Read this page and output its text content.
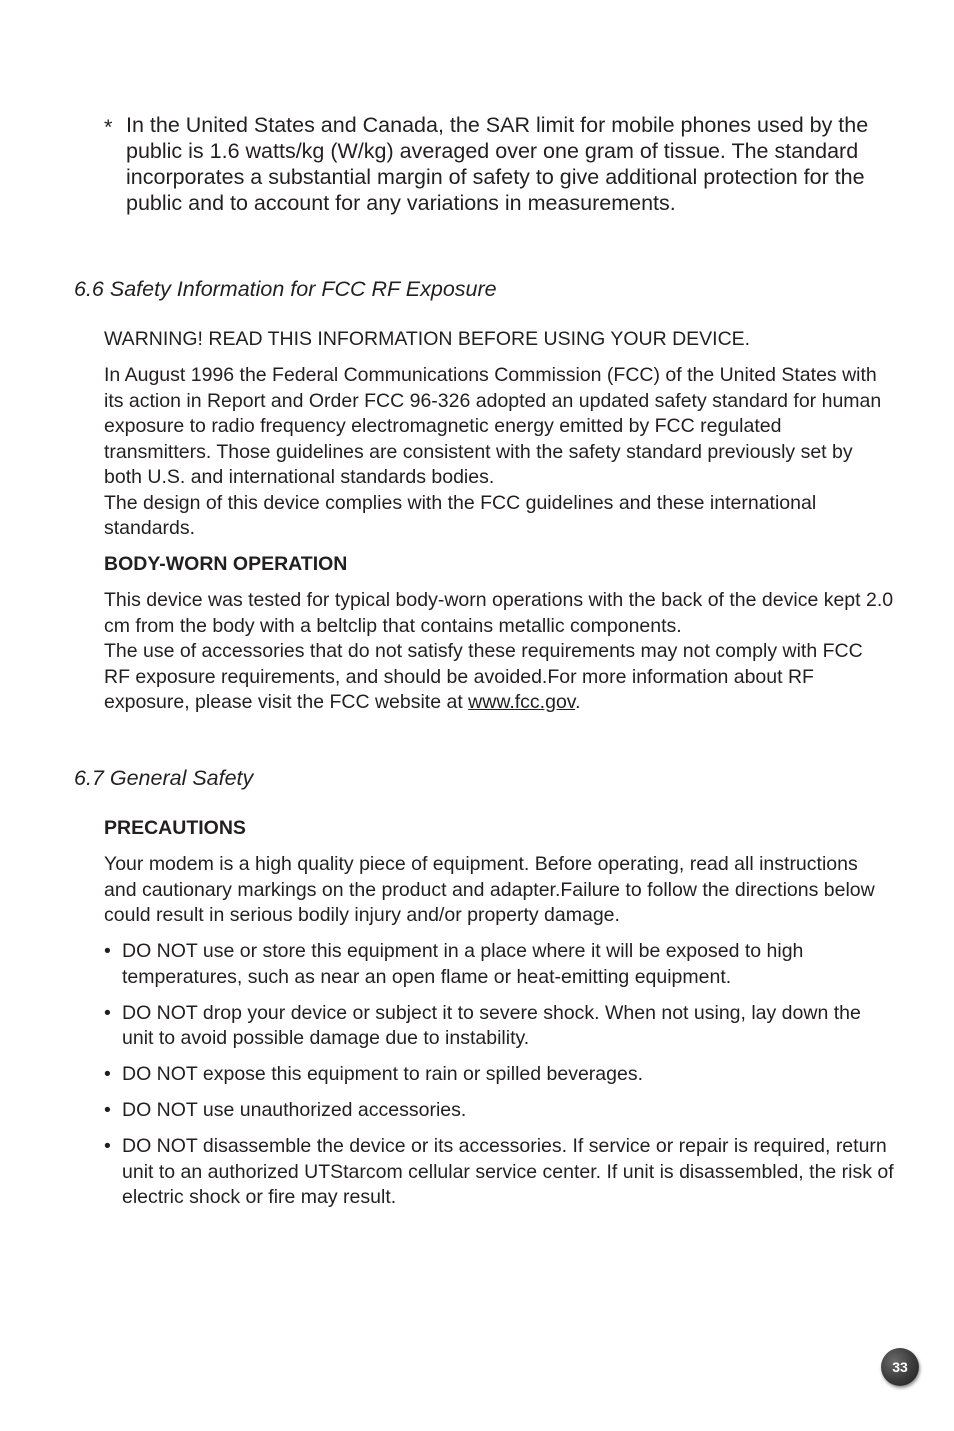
* In the United States and Canada, the SAR limit for mobile phones used by the public is 1.6 watts/kg (W/kg) averaged over one gram of tissue. The standard incorporates a substantial margin of safety to give additional protection for the public and to account for any variations in measurements.
6.6 Safety Information for FCC RF Exposure

WARNING! READ THIS INFORMATION BEFORE USING YOUR DEVICE.

In August 1996 the Federal Communications Commission (FCC) of the United States with its action in Report and Order FCC 96-326 adopted an updated safety standard for human exposure to radio frequency electromagnetic energy emitted by FCC regulated transmitters. Those guidelines are consistent with the safety standard previously set by both U.S. and international standards bodies.

The design of this device complies with the FCC guidelines and these international standards.

BODY-WORN OPERATION

This device was tested for typical body-worn operations with the back of the device kept 2.0 cm from the body with a beltclip that contains metallic components.

The use of accessories that do not satisfy these requirements may not comply with FCC RF exposure requirements, and should be avoided.For more information about RF exposure, please visit the FCC website at www.fcc.gov.

6.7 General Safety

PRECAUTIONS

Your modem is a high quality piece of equipment. Before operating, read all instructions and cautionary markings on the product and adapter.Failure to follow the directions below could result in serious bodily injury and/or property damage.

• DO NOT use or store this equipment in a place where it will be exposed to high temperatures, such as near an open flame or heat-emitting equipment.
• DO NOT drop your device or subject it to severe shock. When not using, lay down the unit to avoid possible damage due to instability.
• DO NOT expose this equipment to rain or spilled beverages.
• DO NOT use unauthorized accessories.
• DO NOT disassemble the device or its accessories. If service or repair is required, return unit to an authorized UTStarcom cellular service center. If unit is disassembled, the risk of electric shock or fire may result.
33
